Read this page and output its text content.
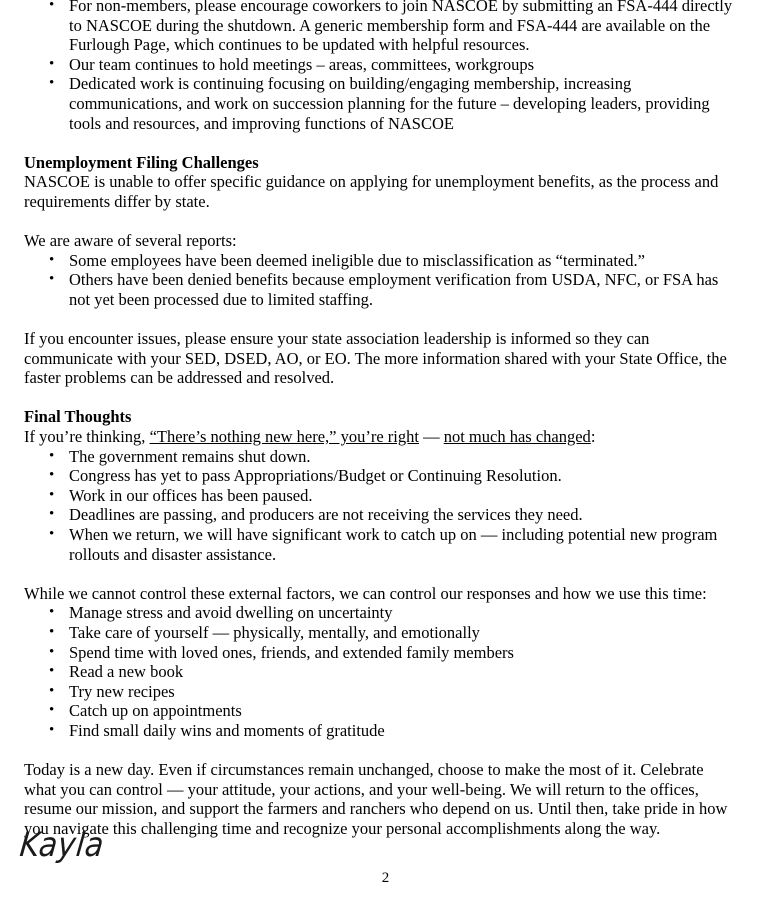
• For non-members, please encourage coworkers to join NASCOE by submitting an FSA-444 directly to NASCOE during the shutdown. A generic membership form and FSA-444 are available on the Furlough Page, which continues to be updated with helpful resources.
• Our team continues to hold meetings – areas, committees, workgroups
• Dedicated work is continuing focusing on building/engaging membership, increasing communications, and work on succession planning for the future – developing leaders, providing tools and resources, and improving functions of NASCOE

Unemployment Filing Challenges

NASCOE is unable to offer specific guidance on applying for unemployment benefits, as the process and requirements differ by state.

We are aware of several reports:

• Some employees have been deemed ineligible due to misclassification as “terminated.”
• Others have been denied benefits because employment verification from USDA, NFC, or FSA has not yet been processed due to limited staffing.

If you encounter issues, please ensure your state association leadership is informed so they can communicate with your SED, DSED, AO, or EO. The more information shared with your State Office, the faster problems can be addressed and resolved.

Final Thoughts

If you’re thinking, “There’s nothing new here,” you’re right — not much has changed:

• The government remains shut down.
• Congress has yet to pass Appropriations/Budget or Continuing Resolution.
• Work in our offices has been paused.
• Deadlines are passing, and producers are not receiving the services they need.
• When we return, we will have significant work to catch up on — including potential new program rollouts and disaster assistance.

While we cannot control these external factors, we can control our responses and how we use this time:

• Manage stress and avoid dwelling on uncertainty
• Take care of yourself — physically, mentally, and emotionally
• Spend time with loved ones, friends, and extended family members
• Read a new book
• Try new recipes
• Catch up on appointments
• Find small daily wins and moments of gratitude

Today is a new day. Even if circumstances remain unchanged, choose to make the most of it. Celebrate what you can control — your attitude, your actions, and your well-being. We will return to the offices, resume our mission, and support the farmers and ranchers who depend on us. Until then, take pride in how you navigate this challenging time and recognize your personal accomplishments along the way.

Kayla
2
